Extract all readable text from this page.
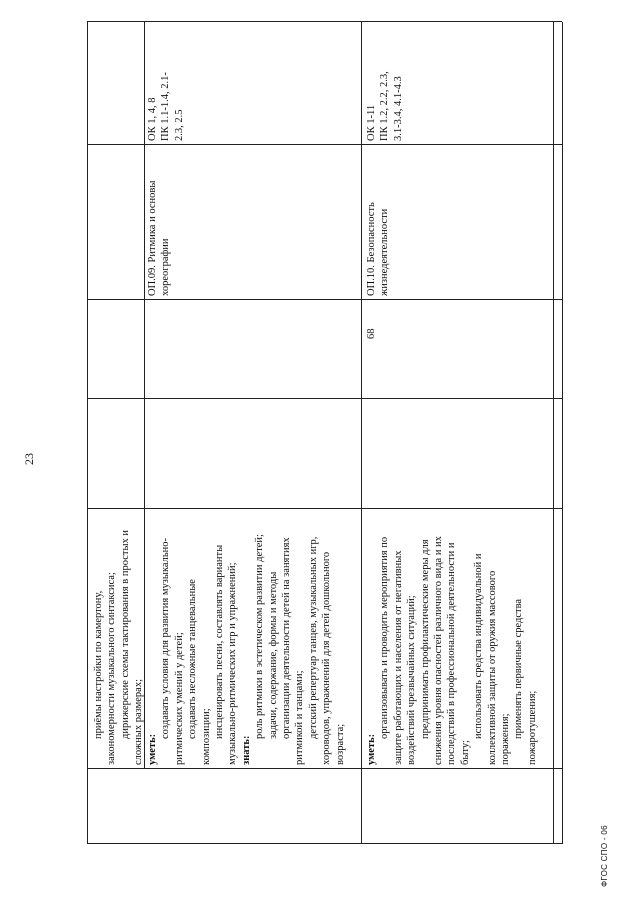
23
ФГОС СПО - 06

приёмы настройки по камертону, закономерности музыкального синтаксиса; дирижерские схемы тактирования в простых и сложных размерах; уметь:

создавать условия для развития музыкально- ритмических умений у детей; создавать несложные танцевальные композиции; инсценировать песни, составлять варианты музыкально-ритмических игр и упражнений; знать:

роль ритмики в эстетическом развитии детей; задачи, содержание, формы и методы организации деятельности детей на занятиях ритмикой и танцами; детский репертуар танцев, музыкальных игр, хороводов, упражнений для детей дошкольного возраста;

ОП.09. Ритмика и основы хореографии

ОК 1, 4, 8 ПК 1.1-1.4, 2.1- 2.3, 2.5

уметь:

организовывать и проводить мероприятия по защите работающих и населения от негативных воздействий чрезвычайных ситуаций; предпринимать профилактические меры для снижения уровня опасностей различного вида и их последствий в профессиональной деятельности и быту;

использовать средства индивидуальной и коллективной защиты от оружия массового поражения;

применять первичные средства пожаротушения;

68

ОП.10. Безопасность жизнедеятельности

ОК 1-11 ПК 1.2, 2.2, 2.3, 3.1-3.4, 4.1-4.3
